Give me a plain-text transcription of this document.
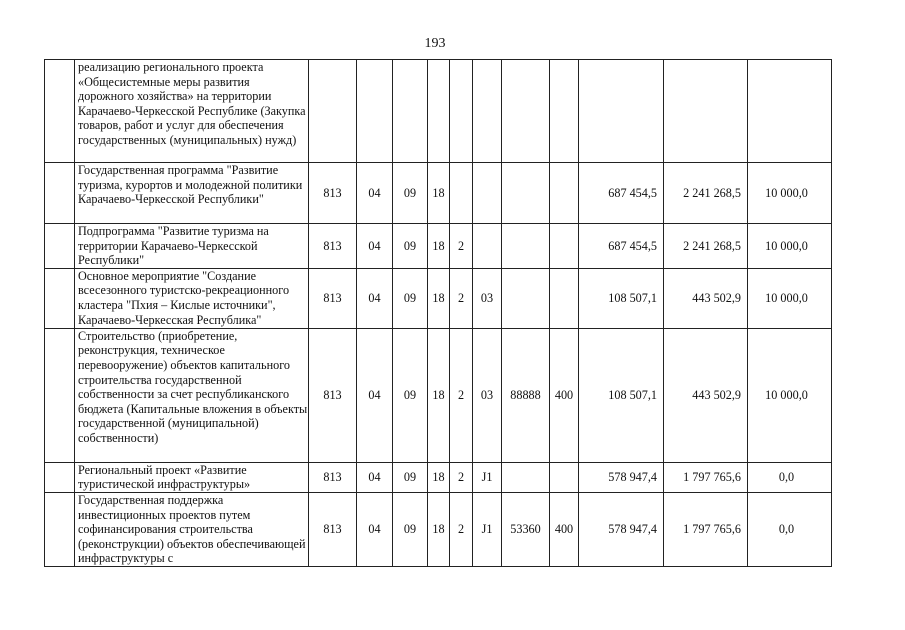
193
	реализацию регионального проекта «Общесистемные меры развития дорожного хозяйства» на территории Карачаево-Черкесской Республике (Закупка товаров, работ и услуг для обеспечения государственных (муниципальных) нужд)											
	Государственная программа "Развитие туризма, курортов и молодежной политики Карачаево-Черкесской Республики"	813	04	09	18					687 454,5	2 241 268,5	10 000,0
	Подпрограмма "Развитие туризма на территории Карачаево-Черкесской Республики"	813	04	09	18	2				687 454,5	2 241 268,5	10 000,0
	Основное мероприятие "Создание всесезонного туристско-рекреационного кластера "Пхия – Кислые источники", Карачаево-Черкесская Республика"	813	04	09	18	2	03			108 507,1	443 502,9	10 000,0
	Строительство (приобретение, реконструкция, техническое перевооружение) объектов капитального строительства государственной собственности за счет республиканского бюджета (Капитальные вложения в объекты государственной (муниципальной) собственности)	813	04	09	18	2	03	88888	400	108 507,1	443 502,9	10 000,0
	Региональный проект «Развитие туристической инфраструктуры»	813	04	09	18	2	J1			578 947,4	1 797 765,6	0,0
	Государственная поддержка инвестиционных проектов путем софинансирования строительства (реконструкции) объектов обеспечивающей инфраструктуры с	813	04	09	18	2	J1	53360	400	578 947,4	1 797 765,6	0,0
